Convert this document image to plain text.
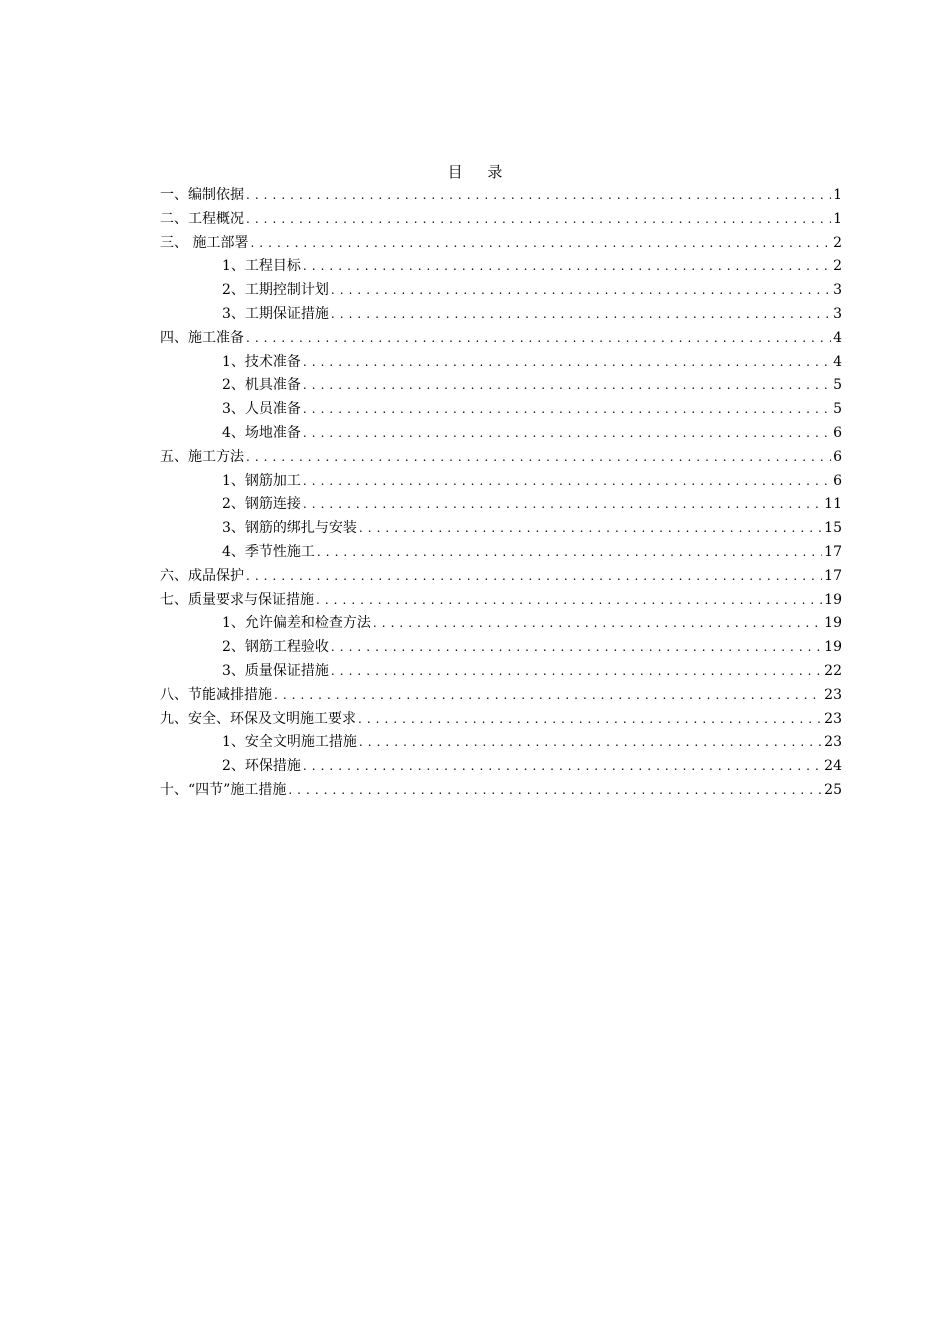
目 录
一、编制依据 . . .	1
二、工程概况 . . .	1
三、 施工部署 . . .	2
1、工程目标 . . .	2
2、工期控制计划 . . .	3
3、工期保证措施 . . .	3
四、施工准备 . . .	4
1、技术准备 . . .	4
2、机具准备 . . .	5
3、人员准备 . . .	5
4、场地准备 . . .	6
五、施工方法 . . .	6
1、钢筋加工 . . .	6
2、钢筋连接 . . .	11
3、钢筋的绑扎与安装 . . .	15
4、季节性施工 . . .	17
六、成品保护 . . .	17
七、质量要求与保证措施 . . .	19
1、允许偏差和检查方法 . . .	19
2、钢筋工程验收 . . .	19
3、质量保证措施 . . .	22
八、节能减排措施 . . .	23
九、安全、环保及文明施工要求 . . .	23
1、安全文明施工措施 . . .	23
2、环保措施 . . .	24
十、“四节”施工措施 . . .	25
